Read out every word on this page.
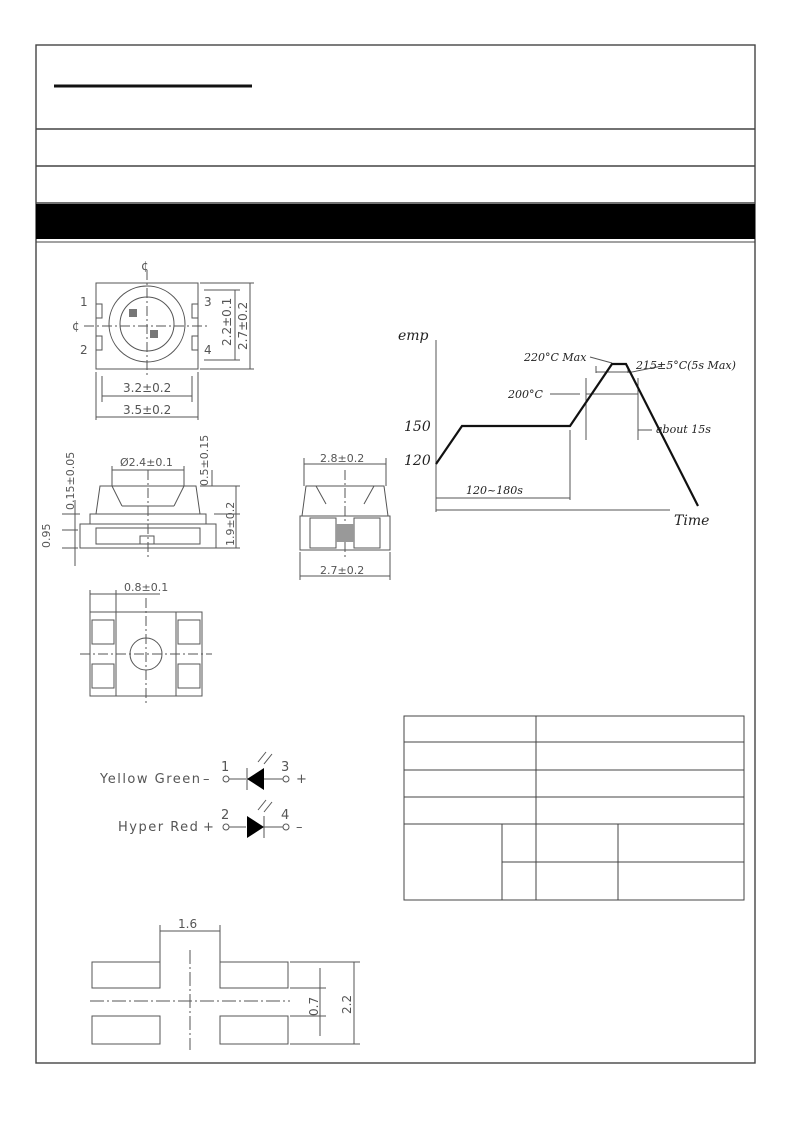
¢
¢
1
2
3
4
3.2±0.2
3.5±0.2
2.2±0.1 2.7±0.2
Ø2.4±0.1 0.5±0.15
0.15±0.05
1.9±0.2
0.95
2.8±0.2
2.7±0.2
0.8±0.1
Yellow Green –
1	3
+
Hyper Red +
2	4
–
1.6
0.7 2.2
emp
Time
150
120
220°C Max
215±5°C(5s Max)
200°C
about 15s
120~180s
